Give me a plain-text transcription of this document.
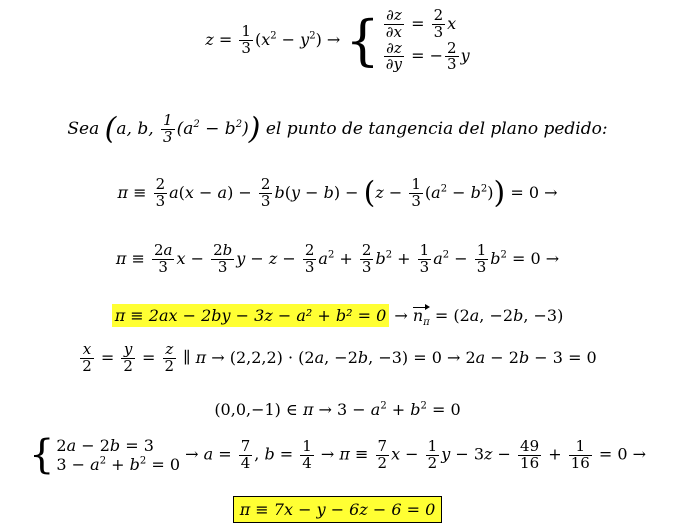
$z = \frac{1}{3} (x^2 - y^2)$ → { $\frac{\partial z}{\partial x} = \frac{2}{3}$ x

$\frac{\partial z}{\partial y}$ = − $\frac{2}{3}$ y
Sea (a, b, $\frac{1}{3} (a^2 - b^2)$) el punto de tangencia del plano pedido:
$\pi \equiv \frac{2}{3} a(x - a) - \frac{2}{3} b(y - b) - (z - \frac{1}{3} (a^2 - b^2)) = 0$ →
$\pi \equiv \frac{2a}{3}$ $x - \frac{2b}{3}$ $y - z - \frac{2}{3} a^2 + \frac{2}{3} b^2 + \frac{1}{3} a^2 - \frac{1}{3} b^2 = 0$ →
$\pi \equiv 2ax - 2by - 3z - a^2 + b^2 = 0 \to n_\pi = (2a$, −2b, −3)
$\frac{x}{2} = \frac{y}{2} = \frac{z}{2}$ ∥ π → (2,2,2) · (2a, −2b, −3) = 0 → 2a − 2b − 3 = 0
(0,0,−1) ∈ $\pi \to 3 - a^2 + b^2 = 0$
{ 2a − 2b = 3
$3 - a^2 + b^2 = 0 \to a = \frac{7}{4}$ , $b = \frac{1}{4} \to \pi \equiv \frac{7}{2}$ $x - \frac{1}{2}$ $y - 3z - \frac{49}{16} + \frac{1}{16} = 0$ →
π ≡ 7x − y − 6z − 6 = 0
